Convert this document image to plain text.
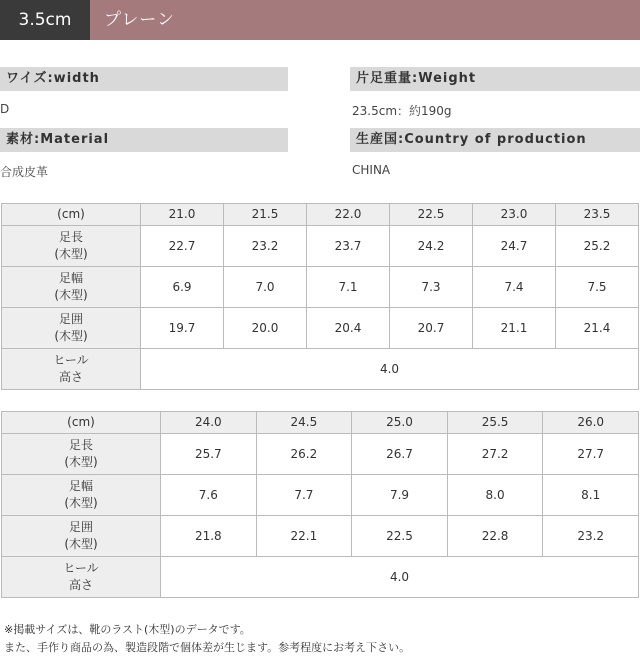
3.5cm	プレーン
ワイズ:width
D
片足重量:Weight
23.5cm：約190g
素材:Material
合成皮革
生産国:Country of production
CHINA
(cm)	21.0	21.5	22.0	22.5	23.0	23.5

足長
(木型)	22.7	23.2	23.7	24.2	24.7	25.2

足幅
(木型)	6.9	7.0	7.1	7.3	7.4	7.5

足囲
(木型)	19.7	20.0	20.4	20.7	21.1	21.4

ヒール
高さ	4.0					
(cm)	24.0	24.5	25.0	25.5	26.0

足長
(木型)	25.7	26.2	26.7	27.2	27.7

足幅
(木型)	7.6	7.7	7.9	8.0	8.1

足囲
(木型)	21.8	22.1	22.5	22.8	23.2

ヒール
高さ	4.0				
※掲載サイズは、靴のラスト(木型)のデータです。
また、手作り商品の為、製造段階で個体差が生じます。参考程度にお考え下さい。
